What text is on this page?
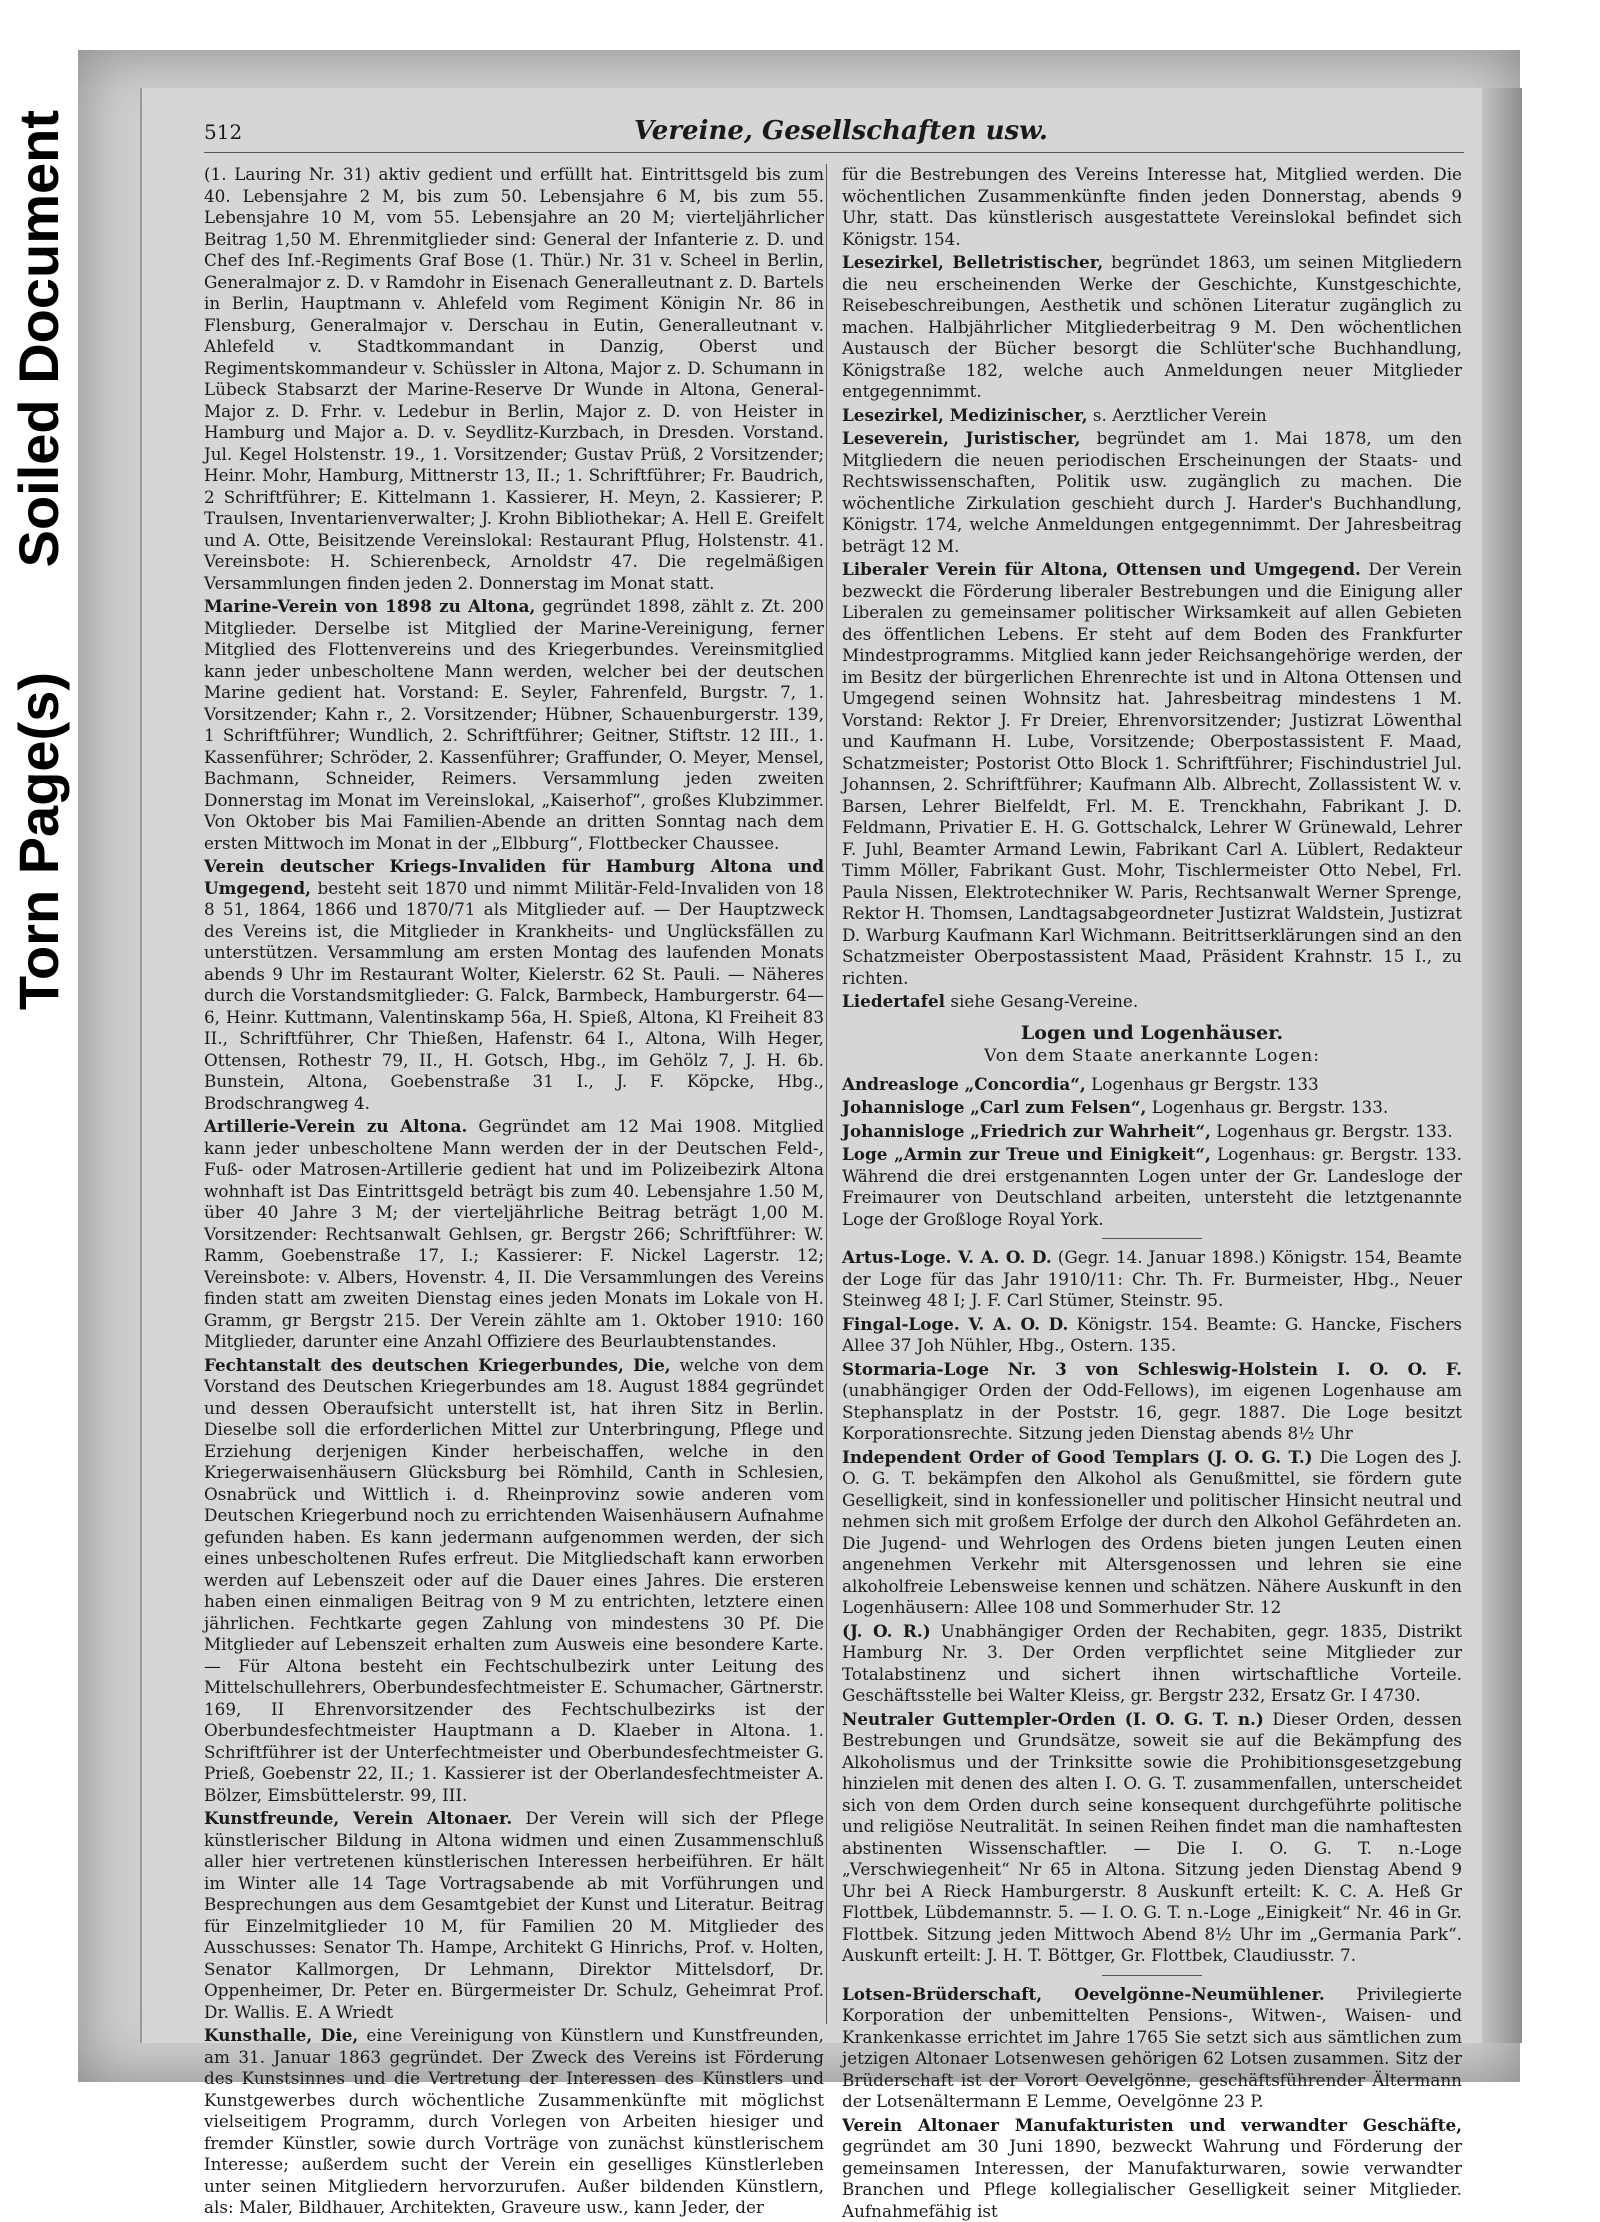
Soiled Document
Torn Page(s)
512	Vereine, Gesellschaften usw.

(1. Lauring Nr. 31) aktiv gedient und erfüllt hat. Eintrittsgeld bis zum 40. Lebensjahre 2 M, bis zum 50. Lebensjahre 6 M, bis zum 55. Lebensjahre 10 M, vom 55. Lebensjahre an 20 M; vierteljährlicher Beitrag 1,50 M. Ehrenmitglieder sind: General der Infanterie z. D. und Chef des Inf.-Regiments Graf Bose (1. Thür.) Nr. 31 v. Scheel in Berlin, Generalmajor z. D. v Ramdohr in Eisenach Generalleutnant z. D. Bartels in Berlin, Hauptmann v. Ahlefeld vom Regiment Königin Nr. 86 in Flensburg, Generalmajor v. Derschau in Eutin, Generalleutnant v. Ahlefeld v. Stadtkommandant in Danzig, Oberst und Regimentskommandeur v. Schüssler in Altona, Major z. D. Schumann in Lübeck Stabsarzt der Marine-Reserve Dr Wunde in Altona, General-Major z. D. Frhr. v. Ledebur in Berlin, Major z. D. von Heister in Hamburg und Major a. D. v. Seydlitz-Kurzbach, in Dresden. Vorstand. Jul. Kegel Holstenstr. 19., 1. Vorsitzender; Gustav Prüß, 2 Vorsitzender; Heinr. Mohr, Hamburg, Mittnerstr 13, II.; 1. Schriftführer; Fr. Baudrich, 2 Schriftführer; E. Kittelmann 1. Kassierer, H. Meyn, 2. Kassierer; P. Traulsen, Inventarienverwalter; J. Krohn Bibliothekar; A. Hell E. Greifelt und A. Otte, Beisitzende Vereinslokal: Restaurant Pflug, Holstenstr. 41. Vereinsbote: H. Schierenbeck, Arnoldstr 47. Die regelmäßigen Versammlungen finden jeden 2. Donnerstag im Monat statt.

Marine-Verein von 1898 zu Altona, gegründet 1898, zählt z. Zt. 200 Mitglieder. Derselbe ist Mitglied der Marine-Vereinigung, ferner Mitglied des Flottenvereins und des Kriegerbundes. Vereinsmitglied kann jeder unbescholtene Mann werden, welcher bei der deutschen Marine gedient hat. Vorstand: E. Seyler, Fahrenfeld, Burgstr. 7, 1. Vorsitzender; Kahn r., 2. Vorsitzender; Hübner, Schauenburgerstr. 139, 1 Schriftführer; Wundlich, 2. Schriftführer; Geitner, Stiftstr. 12 III., 1. Kassenführer; Schröder, 2. Kassenführer; Graffunder, O. Meyer, Mensel, Bachmann, Schneider, Reimers. Versammlung jeden zweiten Donnerstag im Monat im Vereinslokal, „Kaiserhof“, großes Klubzimmer. Von Oktober bis Mai Familien-Abende an dritten Sonntag nach dem ersten Mittwoch im Monat in der „Elbburg“, Flottbecker Chaussee.

Verein deutscher Kriegs-Invaliden für Hamburg Altona und Umgegend, besteht seit 1870 und nimmt Militär-Feld-Invaliden von 18 8 51, 1864, 1866 und 1870/71 als Mitglieder auf. — Der Hauptzweck des Vereins ist, die Mitglieder in Krankheits- und Unglücksfällen zu unterstützen. Versammlung am ersten Montag des laufenden Monats abends 9 Uhr im Restaurant Wolter, Kielerstr. 62 St. Pauli. — Näheres durch die Vorstandsmitglieder: G. Falck, Barmbeck, Hamburgerstr. 64—6, Heinr. Kuttmann, Valentinskamp 56a, H. Spieß, Altona, Kl Freiheit 83 II., Schriftführer, Chr Thießen, Hafenstr. 64 I., Altona, Wilh Heger, Ottensen, Rothestr 79, II., H. Gotsch, Hbg., im Gehölz 7, J. H. 6b. Bunstein, Altona, Goebenstraße 31 I., J. F. Köpcke, Hbg., Brodschrangweg 4.

Artillerie-Verein zu Altona. Gegründet am 12 Mai 1908. Mitglied kann jeder unbescholtene Mann werden der in der Deutschen Feld-, Fuß- oder Matrosen-Artillerie gedient hat und im Polizeibezirk Altona wohnhaft ist Das Eintrittsgeld beträgt bis zum 40. Lebensjahre 1.50 M, über 40 Jahre 3 M; der vierteljährliche Beitrag beträgt 1,00 M. Vorsitzender: Rechtsanwalt Gehlsen, gr. Bergstr 266; Schriftführer: W. Ramm, Goebenstraße 17, I.; Kassierer: F. Nickel Lagerstr. 12; Vereinsbote: v. Albers, Hovenstr. 4, II. Die Versammlungen des Vereins finden statt am zweiten Dienstag eines jeden Monats im Lokale von H. Gramm, gr Bergstr 215. Der Verein zählte am 1. Oktober 1910: 160 Mitglieder, darunter eine Anzahl Offiziere des Beurlaubtenstandes.

Fechtanstalt des deutschen Kriegerbundes, Die, welche von dem Vorstand des Deutschen Kriegerbundes am 18. August 1884 gegründet und dessen Oberaufsicht unterstellt ist, hat ihren Sitz in Berlin. Dieselbe soll die erforderlichen Mittel zur Unterbringung, Pflege und Erziehung derjenigen Kinder herbeischaffen, welche in den Kriegerwaisenhäusern Glücksburg bei Römhild, Canth in Schlesien, Osnabrück und Wittlich i. d. Rheinprovinz sowie anderen vom Deutschen Kriegerbund noch zu errichtenden Waisenhäusern Aufnahme gefunden haben. Es kann jedermann aufgenommen werden, der sich eines unbescholtenen Rufes erfreut. Die Mitgliedschaft kann erworben werden auf Lebenszeit oder auf die Dauer eines Jahres. Die ersteren haben einen einmaligen Beitrag von 9 M zu entrichten, letztere einen jährlichen. Fechtkarte gegen Zahlung von mindestens 30 Pf. Die Mitglieder auf Lebenszeit erhalten zum Ausweis eine besondere Karte. — Für Altona besteht ein Fechtschulbezirk unter Leitung des Mittelschullehrers, Oberbundesfechtmeister E. Schumacher, Gärtnerstr. 169, II Ehrenvorsitzender des Fechtschulbezirks ist der Oberbundesfechtmeister Hauptmann a D. Klaeber in Altona. 1. Schriftführer ist der Unterfechtmeister und Oberbundesfechtmeister G. Prieß, Goebenstr 22, II.; 1. Kassierer ist der Oberlandesfechtmeister A. Bölzer, Eimsbüttelerstr. 99, III.

Kunstfreunde, Verein Altonaer. Der Verein will sich der Pflege künstlerischer Bildung in Altona widmen und einen Zusammenschluß aller hier vertretenen künstlerischen Interessen herbeiführen. Er hält im Winter alle 14 Tage Vortragsabende ab mit Vorführungen und Besprechungen aus dem Gesamtgebiet der Kunst und Literatur. Beitrag für Einzelmitglieder 10 M, für Familien 20 M. Mitglieder des Ausschusses: Senator Th. Hampe, Architekt G Hinrichs, Prof. v. Holten, Senator Kallmorgen, Dr Lehmann, Direktor Mittelsdorf, Dr. Oppenheimer, Dr. Peter en. Bürgermeister Dr. Schulz, Geheimrat Prof. Dr. Wallis. E. A Wriedt

Kunsthalle, Die, eine Vereinigung von Künstlern und Kunstfreunden, am 31. Januar 1863 gegründet. Der Zweck des Vereins ist Förderung des Kunstsinnes und die Vertretung der Interessen des Künstlers und Kunstgewerbes durch wöchentliche Zusammenkünfte mit möglichst vielseitigem Programm, durch Vorlegen von Arbeiten hiesiger und fremder Künstler, sowie durch Vorträge von zunächst künstlerischem Interesse; außerdem sucht der Verein ein geselliges Künstlerleben unter seinen Mitgliedern hervorzurufen. Außer bildenden Künstlern, als: Maler, Bildhauer, Architekten, Graveure usw., kann Jeder, der

für die Bestrebungen des Vereins Interesse hat, Mitglied werden. Die wöchentlichen Zusammenkünfte finden jeden Donnerstag, abends 9 Uhr, statt. Das künstlerisch ausgestattete Vereinslokal befindet sich Königstr. 154.

Lesezirkel, Belletristischer, begründet 1863, um seinen Mitgliedern die neu erscheinenden Werke der Geschichte, Kunstgeschichte, Reisebeschreibungen, Aesthetik und schönen Literatur zugänglich zu machen. Halbjährlicher Mitgliederbeitrag 9 M. Den wöchentlichen Austausch der Bücher besorgt die Schlüter'sche Buchhandlung, Königstraße 182, welche auch Anmeldungen neuer Mitglieder entgegennimmt.

Lesezirkel, Medizinischer, s. Aerztlicher Verein

Leseverein, Juristischer, begründet am 1. Mai 1878, um den Mitgliedern die neuen periodischen Erscheinungen der Staats- und Rechtswissenschaften, Politik usw. zugänglich zu machen. Die wöchentliche Zirkulation geschieht durch J. Harder's Buchhandlung, Königstr. 174, welche Anmeldungen entgegennimmt. Der Jahresbeitrag beträgt 12 M.

Liberaler Verein für Altona, Ottensen und Umgegend. Der Verein bezweckt die Förderung liberaler Bestrebungen und die Einigung aller Liberalen zu gemeinsamer politischer Wirksamkeit auf allen Gebieten des öffentlichen Lebens. Er steht auf dem Boden des Frankfurter Mindestprogramms. Mitglied kann jeder Reichsangehörige werden, der im Besitz der bürgerlichen Ehrenrechte ist und in Altona Ottensen und Umgegend seinen Wohnsitz hat. Jahresbeitrag mindestens 1 M. Vorstand: Rektor J. Fr Dreier, Ehrenvorsitzender; Justizrat Löwenthal und Kaufmann H. Lube, Vorsitzende; Oberpostassistent F. Maad, Schatzmeister; Postorist Otto Block 1. Schriftführer; Fischindustriel Jul. Johannsen, 2. Schriftführer; Kaufmann Alb. Albrecht, Zollassistent W. v. Barsen, Lehrer Bielfeldt, Frl. M. E. Trenckhahn, Fabrikant J. D. Feldmann, Privatier E. H. G. Gottschalck, Lehrer W Grünewald, Lehrer F. Juhl, Beamter Armand Lewin, Fabrikant Carl A. Lüblert, Redakteur Timm Möller, Fabrikant Gust. Mohr, Tischlermeister Otto Nebel, Frl. Paula Nissen, Elektrotechniker W. Paris, Rechtsanwalt Werner Sprenge, Rektor H. Thomsen, Landtagsabgeordneter Justizrat Waldstein, Justizrat D. Warburg Kaufmann Karl Wichmann. Beitrittserklärungen sind an den Schatzmeister Oberpostassistent Maad, Präsident Krahnstr. 15 I., zu richten.

Liedertafel siehe Gesang-Vereine.

Logen und Logenhäuser.
Von dem Staate anerkannte Logen:

Andreasloge „Concordia“, Logenhaus gr Bergstr. 133

Johannisloge „Carl zum Felsen“, Logenhaus gr. Bergstr. 133.

Johannisloge „Friedrich zur Wahrheit“, Logenhaus gr. Bergstr. 133.

Loge „Armin zur Treue und Einigkeit“, Logenhaus: gr. Bergstr. 133. Während die drei erstgenannten Logen unter der Gr. Landesloge der Freimaurer von Deutschland arbeiten, untersteht die letztgenannte Loge der Großloge Royal York.

Artus-Loge. V. A. O. D. (Gegr. 14. Januar 1898.) Königstr. 154, Beamte der Loge für das Jahr 1910/11: Chr. Th. Fr. Burmeister, Hbg., Neuer Steinweg 48 I; J. F. Carl Stümer, Steinstr. 95.

Fingal-Loge. V. A. O. D. Königstr. 154. Beamte: G. Hancke, Fischers Allee 37 Joh Nühler, Hbg., Ostern. 135.

Stormaria-Loge Nr. 3 von Schleswig-Holstein I. O. O. F. (unabhängiger Orden der Odd-Fellows), im eigenen Logenhause am Stephansplatz in der Poststr. 16, gegr. 1887. Die Loge besitzt Korporationsrechte. Sitzung jeden Dienstag abends 8½ Uhr

Independent Order of Good Templars (J. O. G. T.) Die Logen des J. O. G. T. bekämpfen den Alkohol als Genußmittel, sie fördern gute Geselligkeit, sind in konfessioneller und politischer Hinsicht neutral und nehmen sich mit großem Erfolge der durch den Alkohol Gefährdeten an. Die Jugend- und Wehrlogen des Ordens bieten jungen Leuten einen angenehmen Verkehr mit Altersgenossen und lehren sie eine alkoholfreie Lebensweise kennen und schätzen. Nähere Auskunft in den Logenhäusern: Allee 108 und Sommerhuder Str. 12

(J. O. R.) Unabhängiger Orden der Rechabiten, gegr. 1835, Distrikt Hamburg Nr. 3. Der Orden verpflichtet seine Mitglieder zur Totalabstinenz und sichert ihnen wirtschaftliche Vorteile. Geschäftsstelle bei Walter Kleiss, gr. Bergstr 232, Ersatz Gr. I 4730.

Neutraler Guttempler-Orden (I. O. G. T. n.) Dieser Orden, dessen Bestrebungen und Grundsätze, soweit sie auf die Bekämpfung des Alkoholismus und der Trinksitte sowie die Prohibitionsgesetzgebung hinzielen mit denen des alten I. O. G. T. zusammenfallen, unterscheidet sich von dem Orden durch seine konsequent durchgeführte politische und religiöse Neutralität. In seinen Reihen findet man die namhaftesten abstinenten Wissenschaftler. — Die I. O. G. T. n.-Loge „Verschwiegenheit“ Nr 65 in Altona. Sitzung jeden Dienstag Abend 9 Uhr bei A Rieck Hamburgerstr. 8 Auskunft erteilt: K. C. A. Heß Gr Flottbek, Lübdemannstr. 5. — I. O. G. T. n.-Loge „Einigkeit“ Nr. 46 in Gr. Flottbek. Sitzung jeden Mittwoch Abend 8½ Uhr im „Germania Park“. Auskunft erteilt: J. H. T. Böttger, Gr. Flottbek, Claudiusstr. 7.

Lotsen-Brüderschaft, Oevelgönne-Neumühlener. Privilegierte Korporation der unbemittelten Pensions-, Witwen-, Waisen- und Krankenkasse errichtet im Jahre 1765 Sie setzt sich aus sämtlichen zum jetzigen Altonaer Lotsenwesen gehörigen 62 Lotsen zusammen. Sitz der Brüderschaft ist der Vorort Oevelgönne, geschäftsführender Ältermann der Lotsenältermann E Lemme, Oevelgönne 23 P.

Verein Altonaer Manufakturisten und verwandter Geschäfte, gegründet am 30 Juni 1890, bezweckt Wahrung und Förderung der gemeinsamen Interessen, der Manufakturwaren, sowie verwandter Branchen und Pflege kollegialischer Geselligkeit seiner Mitglieder. Aufnahmefähig ist
